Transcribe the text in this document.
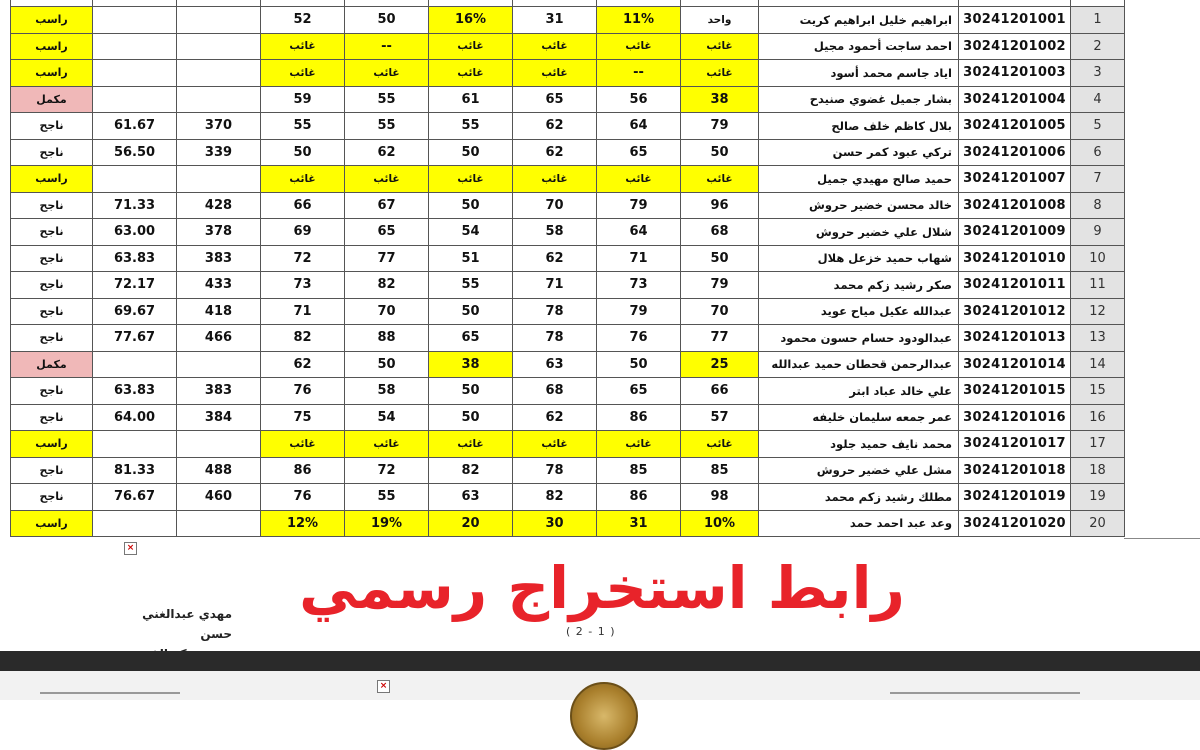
راسب			52	50	16%	31	11%	واحد	ابراهيم خليل ابراهيم كريت	30241201001	1
راسب			غائب	--	غائب	غائب	غائب	غائب	احمد ساجت أحمود مجيل	30241201002	2
راسب			غائب	غائب	غائب	غائب	--	غائب	اياد جاسم محمد أسود	30241201003	3
مكمل			59	55	61	65	56	38	بشار جميل غضوي صنيدح	30241201004	4
ناجح	61.67	370	55	55	55	62	64	79	بلال كاظم خلف صالح	30241201005	5
ناجح	56.50	339	50	62	50	62	65	50	تركي عبود كمر حسن	30241201006	6
راسب			غائب	غائب	غائب	غائب	غائب	غائب	حميد صالح مهيدي جميل	30241201007	7
ناجح	71.33	428	66	67	50	70	79	96	خالد محسن خضير حروش	30241201008	8
ناجح	63.00	378	69	65	54	58	64	68	شلال علي خضير حروش	30241201009	9
ناجح	63.83	383	72	77	51	62	71	50	شهاب حميد خزعل هلال	30241201010	10
ناجح	72.17	433	73	82	55	71	73	79	صكر رشيد زكم محمد	30241201011	11
ناجح	69.67	418	71	70	50	78	79	70	عبدالله عكيل مياح عويد	30241201012	12
ناجح	77.67	466	82	88	65	78	76	77	عبدالودود حسام حسون محمود	30241201013	13
مكمل			62	50	38	63	50	25	عبدالرحمن قحطان حميد عبدالله	30241201014	14
ناجح	63.83	383	76	58	50	68	65	66	علي خالد عباد ابتر	30241201015	15
ناجح	64.00	384	75	54	50	62	86	57	عمر جمعه سليمان خليفه	30241201016	16
راسب			غائب	غائب	غائب	غائب	غائب	غائب	محمد نايف حميد جلود	30241201017	17
ناجح	81.33	488	86	72	82	78	85	85	مشل علي خضير حروش	30241201018	18
ناجح	76.67	460	76	55	63	82	86	98	مطلك رشيد زكم محمد	30241201019	19
راسب			12%	19%	20	30	31	10%	وعد عبد احمد حمد	30241201020	20
×
رابط استخراج رسمي
مهدي عبدالغني حسن	( 2 - 1 )
×
